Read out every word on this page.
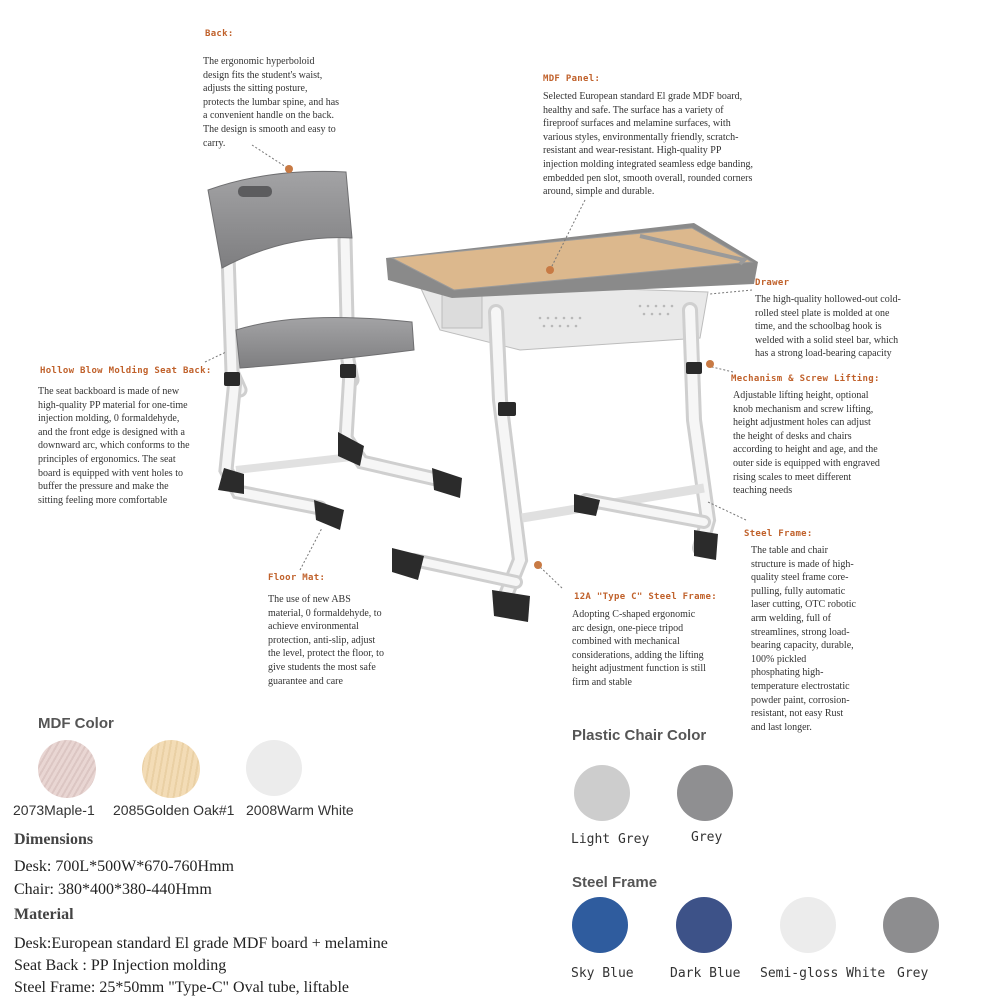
Back:
The ergonomic hyperboloid
design fits the student's waist,
adjusts the sitting posture,
protects the lumbar spine, and has
a convenient handle on the back.
The design is smooth and easy to
carry.
MDF Panel:
Selected European standard El grade MDF board,
healthy and safe. The surface has a variety of
fireproof surfaces and melamine surfaces, with
various styles, environmentally friendly, scratch-
resistant and wear-resistant. High-quality PP
injection molding integrated seamless edge banding,
embedded pen slot, smooth overall, rounded corners
around, simple and durable.
Drawer
The high-quality hollowed-out cold-
rolled steel plate is molded at one
time, and the schoolbag hook is
welded with a solid steel bar, which
has a strong load-bearing capacity
Hollow Blow Molding Seat Back:
The seat backboard is made of new
high-quality PP material for one-time
injection molding, 0 formaldehyde,
and the front edge is designed with a
downward arc, which conforms to the
principles of ergonomics. The seat
board is equipped with vent holes to
buffer the pressure and make the
sitting feeling more comfortable
Mechanism & Screw Lifting:
Adjustable lifting height, optional
knob mechanism and screw lifting,
height adjustment holes can adjust
the height of desks and chairs
according to height and age, and the
outer side is equipped with engraved
rising scales to meet different
teaching needs
Steel Frame:
The table and chair
structure is made of high-
quality steel frame core-
pulling, fully automatic
laser cutting, OTC robotic
arm welding, full of
streamlines, strong load-
bearing capacity, durable,
100% pickled
phosphating high-
temperature electrostatic
powder paint, corrosion-
resistant, not easy Rust
and last longer.
Floor Mat:
The use of new ABS
material, 0 formaldehyde, to
achieve environmental
protection, anti-slip, adjust
the level, protect the floor, to
give students the most safe
guarantee and care
12A "Type C" Steel Frame:
Adopting C-shaped ergonomic
arc design, one-piece tripod
combined with mechanical
considerations, adding the lifting
height adjustment function is still
firm and stable
MDF Color
2073Maple-1 2085Golden Oak#1 2008Warm White
Dimensions
Desk: 700L*500W*670-760Hmm
Chair: 380*400*380-440Hmm
Material
Desk:European standard El grade MDF board + melamine
Seat Back : PP Injection molding
Steel Frame: 25*50mm "Type-C" Oval tube, liftable
Plastic Chair Color
Light Grey	Grey
Steel Frame
Sky Blue	Dark Blue Semi-gloss White Grey
